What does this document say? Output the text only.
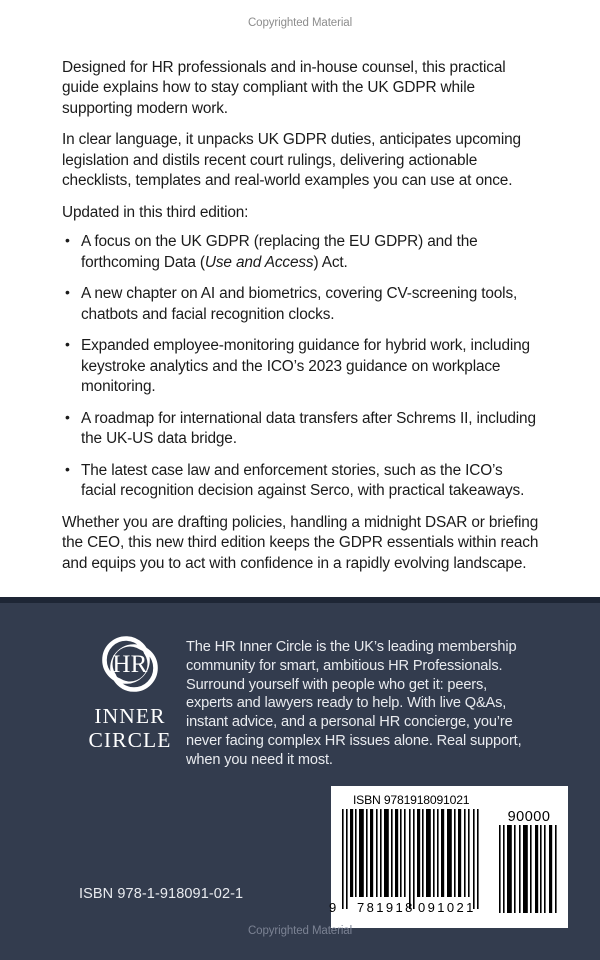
Copyrighted Material

Designed for HR professionals and in-house counsel, this practical guide explains how to stay compliant with the UK GDPR while supporting modern work.

In clear language, it unpacks UK GDPR duties, anticipates upcoming legislation and distils recent court rulings, delivering actionable checklists, templates and real-world examples you can use at once.

Updated in this third edition:

• A focus on the UK GDPR (replacing the EU GDPR) and the forthcoming Data (Use and Access) Act.
• A new chapter on AI and biometrics, covering CV-screening tools, chatbots and facial recognition clocks.
• Expanded employee-monitoring guidance for hybrid work, including keystroke analytics and the ICO’s 2023 guidance on workplace monitoring.
• A roadmap for international data transfers after Schrems II, including the UK-US data bridge.
• The latest case law and enforcement stories, such as the ICO’s facial recognition decision against Serco, with practical takeaways.

Whether you are drafting policies, handling a midnight DSAR or briefing the CEO, this new third edition keeps the GDPR essentials within reach and equips you to act with confidence in a rapidly evolving landscape.

HR
INNER
CIRCLE
The HR Inner Circle is the UK’s leading membership community for smart, ambitious HR Professionals. Surround yourself with people who get it: peers, experts and lawyers ready to help. With live Q&As, instant advice, and a personal HR concierge, you’re never facing complex HR issues alone. Real support, when you need it most.
ISBN 978-1-918091-02-1
ISBN 9781918091021
9 781918 091021
90000
Copyrighted Material
